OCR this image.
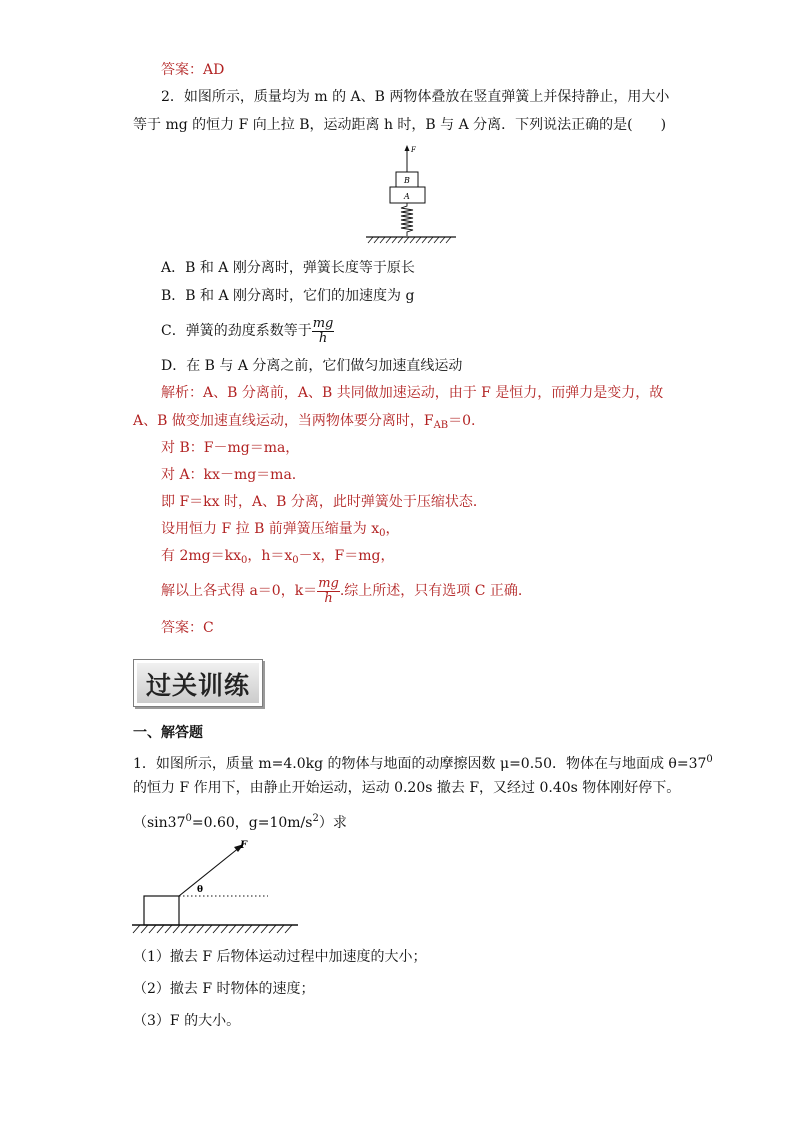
答案：AD
2．如图所示，质量均为 m 的 A、B 两物体叠放在竖直弹簧上并保持静止，用大小
等于 mg 的恒力 F 向上拉 B，运动距离 h 时，B 与 A 分离．下列说法正确的是(　　)
F
B
A
A．B 和 A 刚分离时，弹簧长度等于原长
B．B 和 A 刚分离时，它们的加速度为 g
C．弹簧的劲度系数等于 $\frac{mg}{h}$
D．在 B 与 A 分离之前，它们做匀加速直线运动
解析：A、B 分离前，A、B 共同做加速运动，由于 F 是恒力，而弹力是变力，故
A、B 做变加速直线运动，当两物体要分离时，$F_{AB}=0$.
对 B：F－mg＝ma，
对 A：kx－mg＝ma.
即 F＝kx 时，A、B 分离，此时弹簧处于压缩状态．
设用恒力 F 拉 B 前弹簧压缩量为 $x_0$，
有 $2mg=kx_0$，$h=x_0-x$，F＝mg，
解以上各式得 a＝0，$k= \frac{mg}{h}$ .综上所述，只有选项 C 正确.
答案：C
过关训练
一、解答题
1．如图所示，质量 m=4.0kg 的物体与地面的动摩擦因数 μ=0.50．物体在与地面成 $\theta=37^0$
的恒力 F 作用下，由静止开始运动，运动 0.20s 撤去 F，又经过 0.40s 物体刚好停下。
（$\sin 37^0=0.60$，$g=10m/s^2$）求
F
θ
（1）撤去 F 后物体运动过程中加速度的大小；
（2）撤去 F 时物体的速度；
（3）F 的大小。
